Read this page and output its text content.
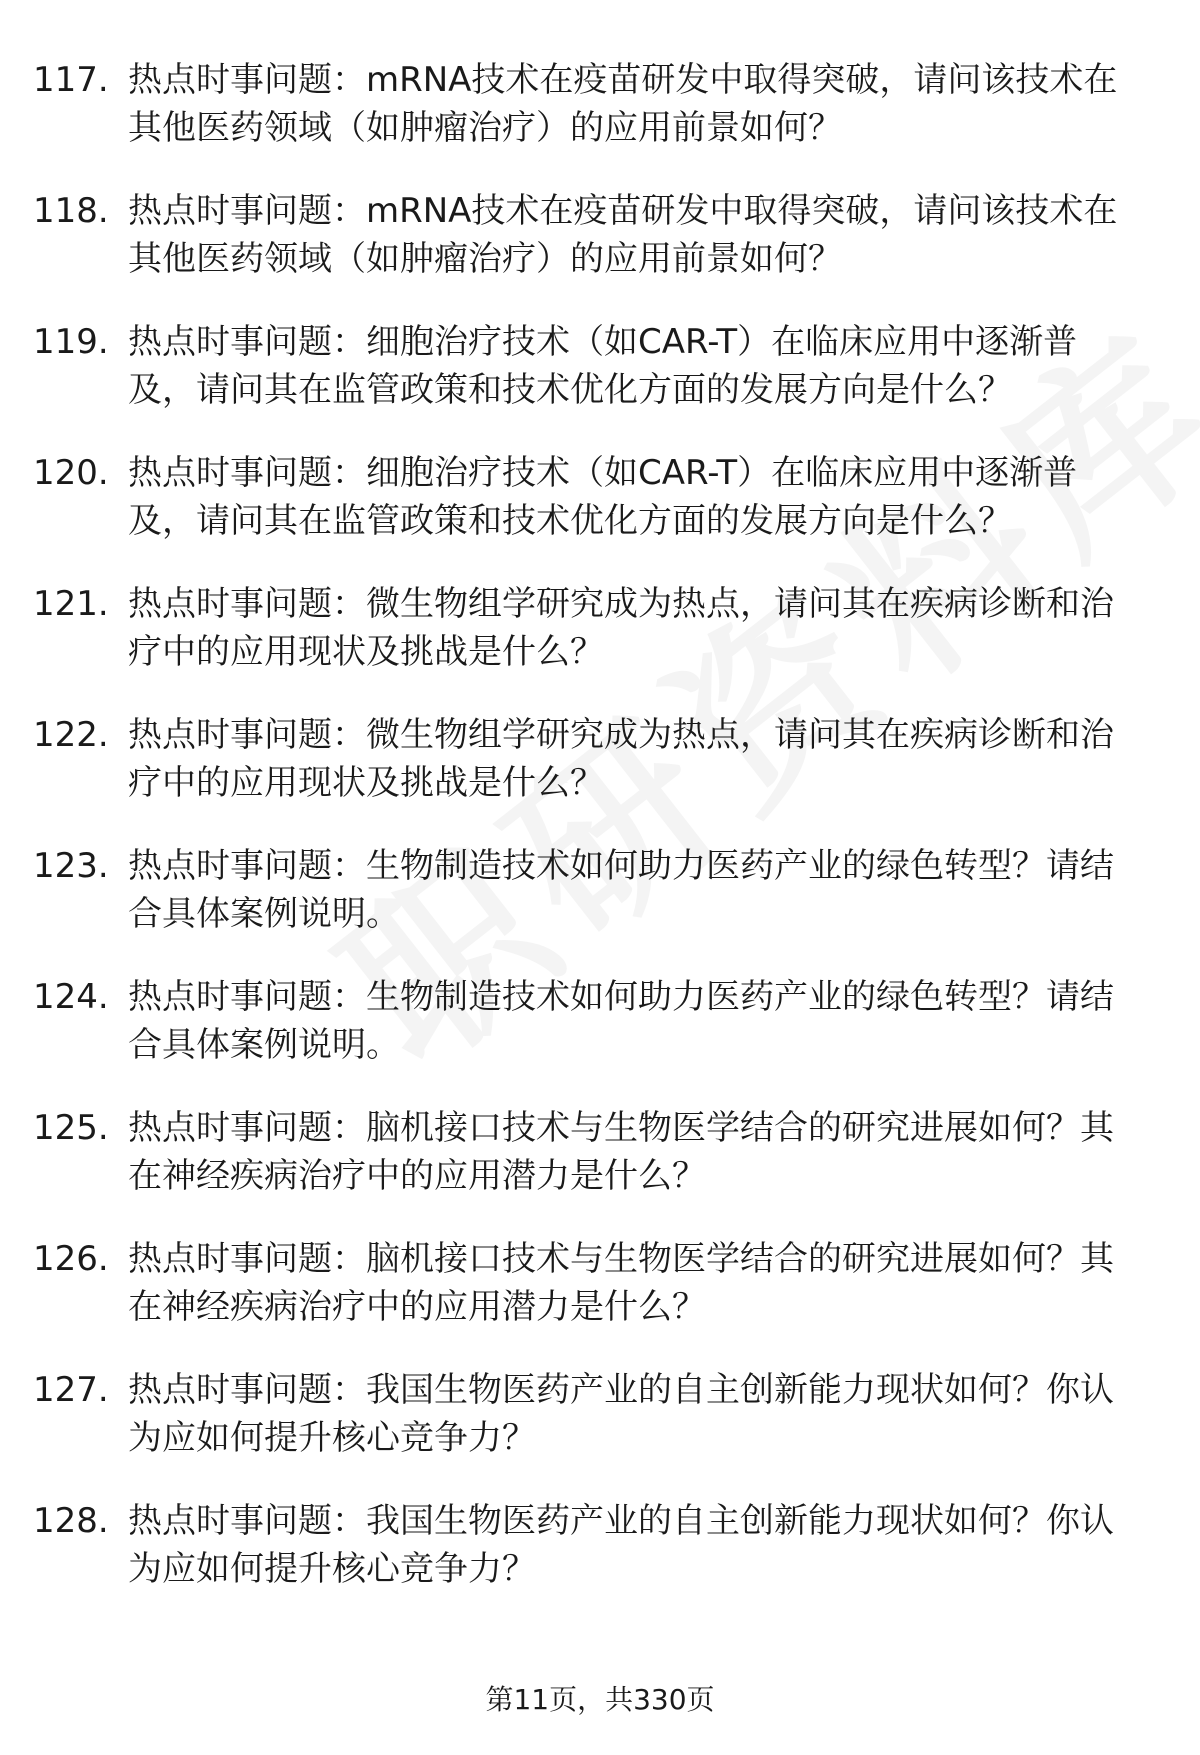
117. 热点时事问题：mRNA技术在疫苗研发中取得突破，请问该技术在其他医药领域（如肿瘤治疗）的应用前景如何？
118. 热点时事问题：mRNA技术在疫苗研发中取得突破，请问该技术在其他医药领域（如肿瘤治疗）的应用前景如何？
119. 热点时事问题：细胞治疗技术（如CAR-T）在临床应用中逐渐普及，请问其在监管政策和技术优化方面的发展方向是什么？
120. 热点时事问题：细胞治疗技术（如CAR-T）在临床应用中逐渐普及，请问其在监管政策和技术优化方面的发展方向是什么？
121. 热点时事问题：微生物组学研究成为热点，请问其在疾病诊断和治疗中的应用现状及挑战是什么？
122. 热点时事问题：微生物组学研究成为热点，请问其在疾病诊断和治疗中的应用现状及挑战是什么？
123. 热点时事问题：生物制造技术如何助力医药产业的绿色转型？请结合具体案例说明。
124. 热点时事问题：生物制造技术如何助力医药产业的绿色转型？请结合具体案例说明。
125. 热点时事问题：脑机接口技术与生物医学结合的研究进展如何？其在神经疾病治疗中的应用潜力是什么？
126. 热点时事问题：脑机接口技术与生物医学结合的研究进展如何？其在神经疾病治疗中的应用潜力是什么？
127. 热点时事问题：我国生物医药产业的自主创新能力现状如何？你认为应如何提升核心竞争力？
128. 热点时事问题：我国生物医药产业的自主创新能力现状如何？你认为应如何提升核心竞争力？
第11页，共330页
